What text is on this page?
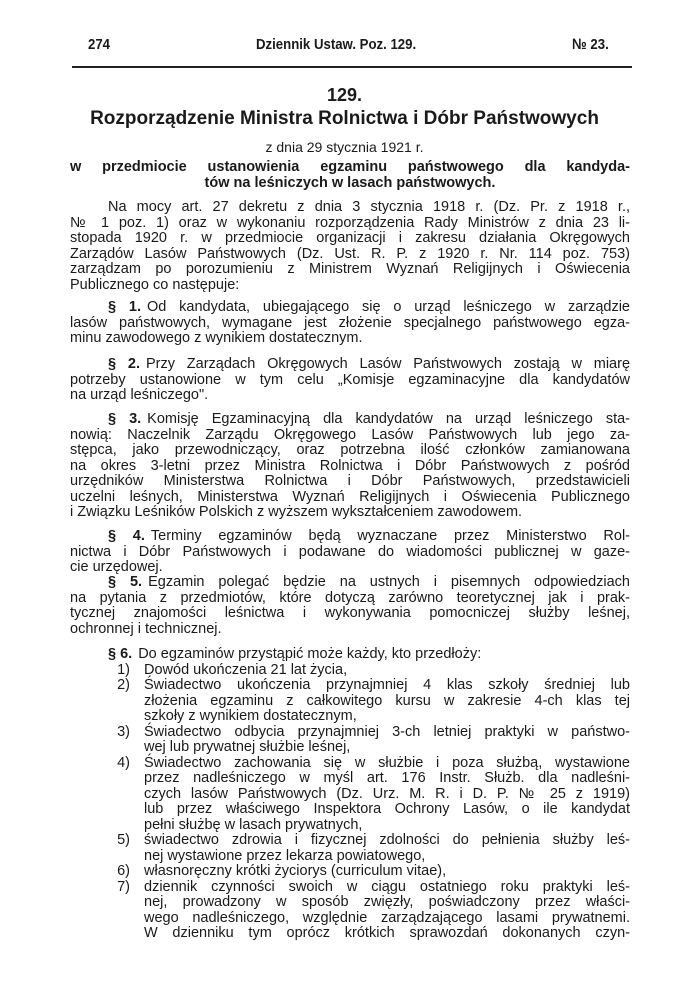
274	Dziennik Ustaw. Poz. 129.	№ 23.
129.
Rozporządzenie Ministra Rolnictwa i Dóbr Państwowych
z dnia 29 stycznia 1921 r.
w przedmiocie ustanowienia egzaminu państwowego dla kandyda-
tów na leśniczych w lasach państwowych.
Na mocy art. 27 dekretu z dnia 3 stycznia 1918 r. (Dz. Pr. z 1918 r.,
№ 1 poz. 1) oraz w wykonaniu rozporządzenia Rady Ministrów z dnia 23 li-
stopada 1920 r. w przedmiocie organizacji i zakresu działania Okręgowych
Zarządów Lasów Państwowych (Dz. Ust. R. P. z 1920 r. Nr. 114 poz. 753)
zarządzam po porozumieniu z Ministrem Wyznań Religijnych i Oświecenia
Publicznego co następuje:
§ 1. Od kandydata, ubiegającego się o urząd leśniczego w zarządzie
lasów państwowych, wymagane jest złożenie specjalnego państwowego egza-
minu zawodowego z wynikiem dostatecznym.
§ 2. Przy Zarządach Okręgowych Lasów Państwowych zostają w miarę
potrzeby ustanowione w tym celu „Komisje egzaminacyjne dla kandydatów
na urząd leśniczego".
§ 3. Komisję Egzaminacyjną dla kandydatów na urząd leśniczego sta-
nowią: Naczelnik Zarządu Okręgowego Lasów Państwowych lub jego za-
stępca, jako przewodniczący, oraz potrzebna ilość członków zamianowana
na okres 3-letni przez Ministra Rolnictwa i Dóbr Państwowych z pośród
urzędników Ministerstwa Rolnictwa i Dóbr Państwowych, przedstawicieli
uczelni leśnych, Ministerstwa Wyznań Religijnych i Oświecenia Publicznego
i Związku Leśników Polskich z wyższem wykształceniem zawodowem.
§ 4. Terminy egzaminów będą wyznaczane przez Ministerstwo Rol-
nictwa i Dóbr Państwowych i podawane do wiadomości publicznej w gaze-
cie urzędowej.
§ 5. Egzamin polegać będzie na ustnych i pisemnych odpowiedziach
na pytania z przedmiotów, które dotyczą zarówno teoretycznej jak i prak-
tycznej znajomości leśnictwa i wykonywania pomocniczej służby leśnej,
ochronnej i technicznej.
§ 6. Do egzaminów przystąpić może każdy, kto przedłoży:
1) Dowód ukończenia 21 lat życia,
2) Świadectwo ukończenia przynajmniej 4 klas szkoły średniej lub
złożenia egzaminu z całkowitego kursu w zakresie 4-ch klas tej
szkoły z wynikiem dostatecznym,
3) Świadectwo odbycia przynajmniej 3-ch letniej praktyki w państwo-
wej lub prywatnej służbie leśnej,
4) Świadectwo zachowania się w służbie i poza służbą, wystawione
przez nadleśniczego w myśl art. 176 Instr. Służb. dla nadleśni-
czych lasów Państwowych (Dz. Urz. M. R. i D. P. № 25 z 1919)
lub przez właściwego Inspektora Ochrony Lasów, o ile kandydat
pełni służbę w lasach prywatnych,
5) świadectwo zdrowia i fizycznej zdolności do pełnienia służby leś-
nej wystawione przez lekarza powiatowego,
6) własnoręczny krótki życiorys (curriculum vitae),
7) dziennik czynności swoich w ciągu ostatniego roku praktyki leś-
nej, prowadzony w sposób zwięzły, poświadczony przez właści-
wego nadleśniczego, względnie zarządzającego lasami prywatnemi.
W dzienniku tym oprócz krótkich sprawozdań dokonanych czyn-
